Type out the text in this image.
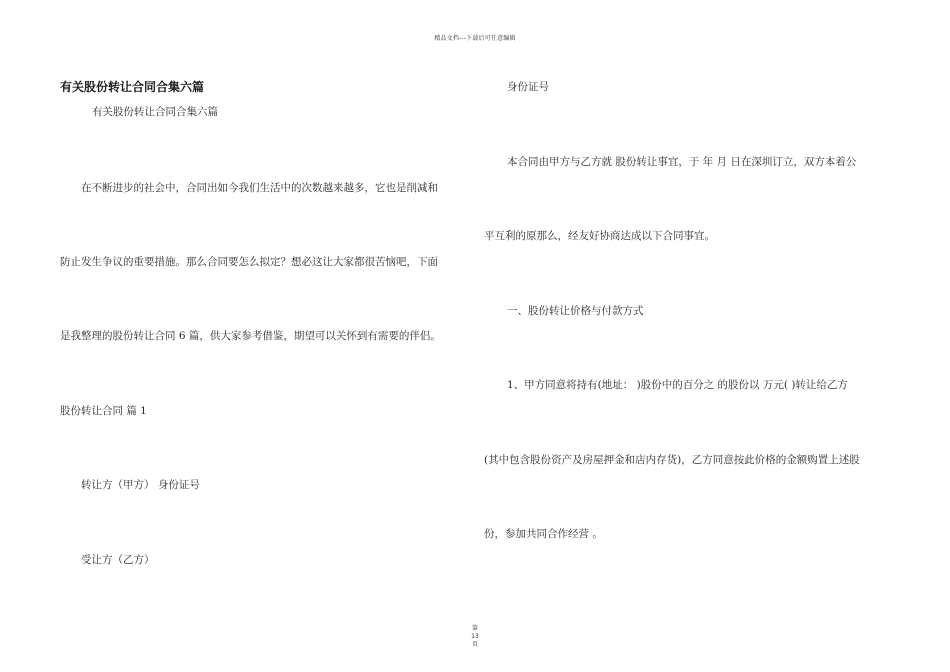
精品文档---下载后可任意编辑
有关股份转让合同合集六篇
有关股份转让合同合集六篇
在不断进步的社会中，合同出如今我们生活中的次数越来越多，它也是削减和
防止发生争议的重要措施。那么合同要怎么拟定？想必这让大家都很苦恼吧，下面
是我整理的股份转让合同 6 篇，供大家参考借鉴，期望可以关怀到有需要的伴侣。
股份转让合同 篇 1
转让方（甲方） 身份证号
受让方（乙方）
身份证号
本合同由甲方与乙方就 股份转让事宜，于 年 月 日在深圳订立，双方本着公
平互利的原那么，经友好协商达成以下合同事宜。
一、股份转让价格与付款方式
1、甲方同意将持有(地址： )股份中的百分之 的股份以 万元( )转让给乙方
(其中包含股份资产及房屋押金和店内存货)，乙方同意按此价格的金额购置上述股
份，参加共同合作经营 。
第
13
页
